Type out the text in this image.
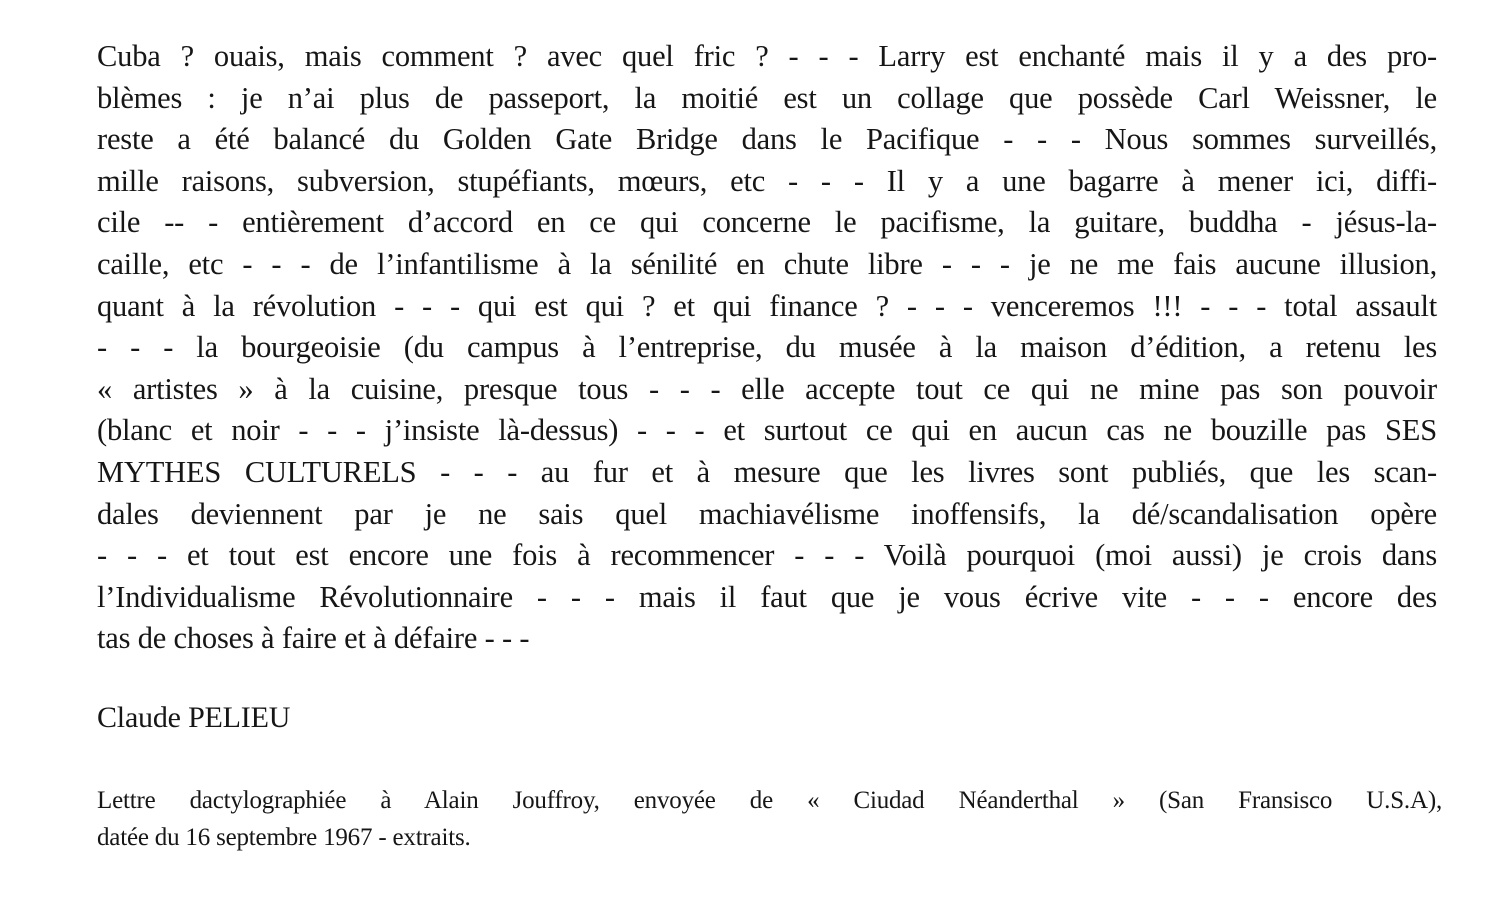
Cuba ? ouais, mais comment ? avec quel fric ? - - - Larry est enchanté mais il y a des pro-
blèmes : je n’ai plus de passeport, la moitié est un collage que possède Carl Weissner, le
reste a été balancé du Golden Gate Bridge dans le Pacifique - - - Nous sommes surveillés,
mille raisons, subversion, stupéfiants, mœurs, etc - - - Il y a une bagarre à mener ici, diffi-
cile -- - entièrement d’accord en ce qui concerne le pacifisme, la guitare, buddha - jésus-la-
caille, etc - - - de l’infantilisme à la sénilité en chute libre - - - je ne me fais aucune illusion,
quant à la révolution - - - qui est qui ? et qui finance ? - - - venceremos !!! - - - total assault
- - - la bourgeoisie (du campus à l’entreprise, du musée à la maison d’édition, a retenu les
« artistes » à la cuisine, presque tous - - - elle accepte tout ce qui ne mine pas son pouvoir
(blanc et noir - - - j’insiste là-dessus) - - - et surtout ce qui en aucun cas ne bouzille pas SES
MYTHES CULTURELS - - - au fur et à mesure que les livres sont publiés, que les scan-
dales deviennent par je ne sais quel machiavélisme inoffensifs, la dé/scandalisation opère
- - - et tout est encore une fois à recommencer - - - Voilà pourquoi (moi aussi) je crois dans
l’Individualisme Révolutionnaire - - - mais il faut que je vous écrive vite - - - encore des
tas de choses à faire et à défaire - - -
Claude PELIEU
Lettre dactylographiée à Alain Jouffroy, envoyée de « Ciudad Néanderthal » (San Fransisco U.S.A),
datée du 16 septembre 1967 - extraits.
